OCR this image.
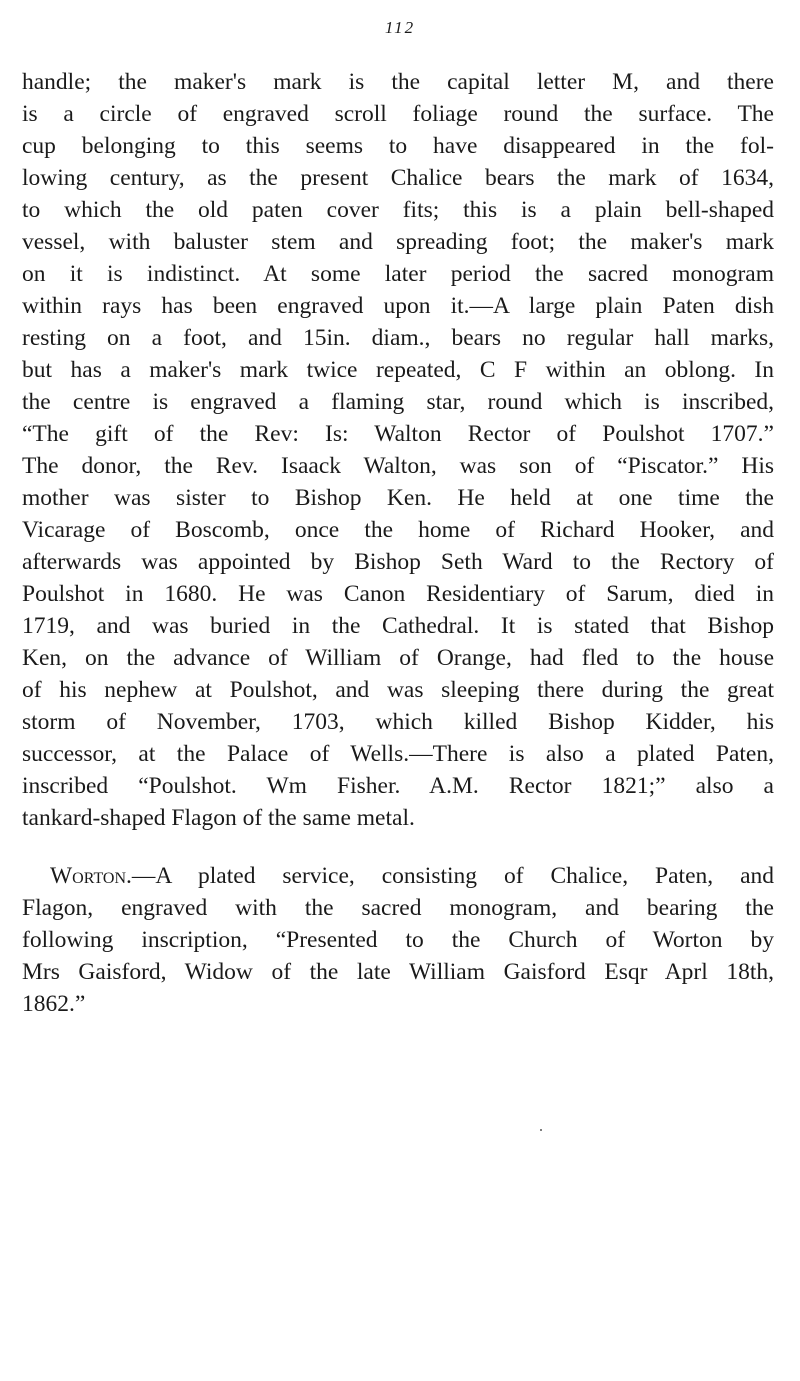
112
handle; the maker's mark is the capital letter M, and there
is a circle of engraved scroll foliage round the surface. The
cup belonging to this seems to have disappeared in the fol-
lowing century, as the present Chalice bears the mark of 1634,
to which the old paten cover fits; this is a plain bell-shaped
vessel, with baluster stem and spreading foot; the maker's mark
on it is indistinct. At some later period the sacred monogram
within rays has been engraved upon it.—A large plain Paten dish
resting on a foot, and 15in. diam., bears no regular hall marks,
but has a maker's mark twice repeated, C F within an oblong. In
the centre is engraved a flaming star, round which is inscribed,
“The gift of the Rev: Is: Walton Rector of Poulshot 1707.”
The donor, the Rev. Isaack Walton, was son of “Piscator.” His
mother was sister to Bishop Ken. He held at one time the
Vicarage of Boscomb, once the home of Richard Hooker, and
afterwards was appointed by Bishop Seth Ward to the Rectory of
Poulshot in 1680. He was Canon Residentiary of Sarum, died in
1719, and was buried in the Cathedral. It is stated that Bishop
Ken, on the advance of William of Orange, had fled to the house
of his nephew at Poulshot, and was sleeping there during the great
storm of November, 1703, which killed Bishop Kidder, his
successor, at the Palace of Wells.—There is also a plated Paten,
inscribed “Poulshot. Wm Fisher. A.M. Rector 1821;” also a
tankard-shaped Flagon of the same metal.
Worton.—A plated service, consisting of Chalice, Paten, and
Flagon, engraved with the sacred monogram, and bearing the
following inscription, “Presented to the Church of Worton by
Mrs Gaisford, Widow of the late William Gaisford Esqr Aprl 18th,
1862.”
